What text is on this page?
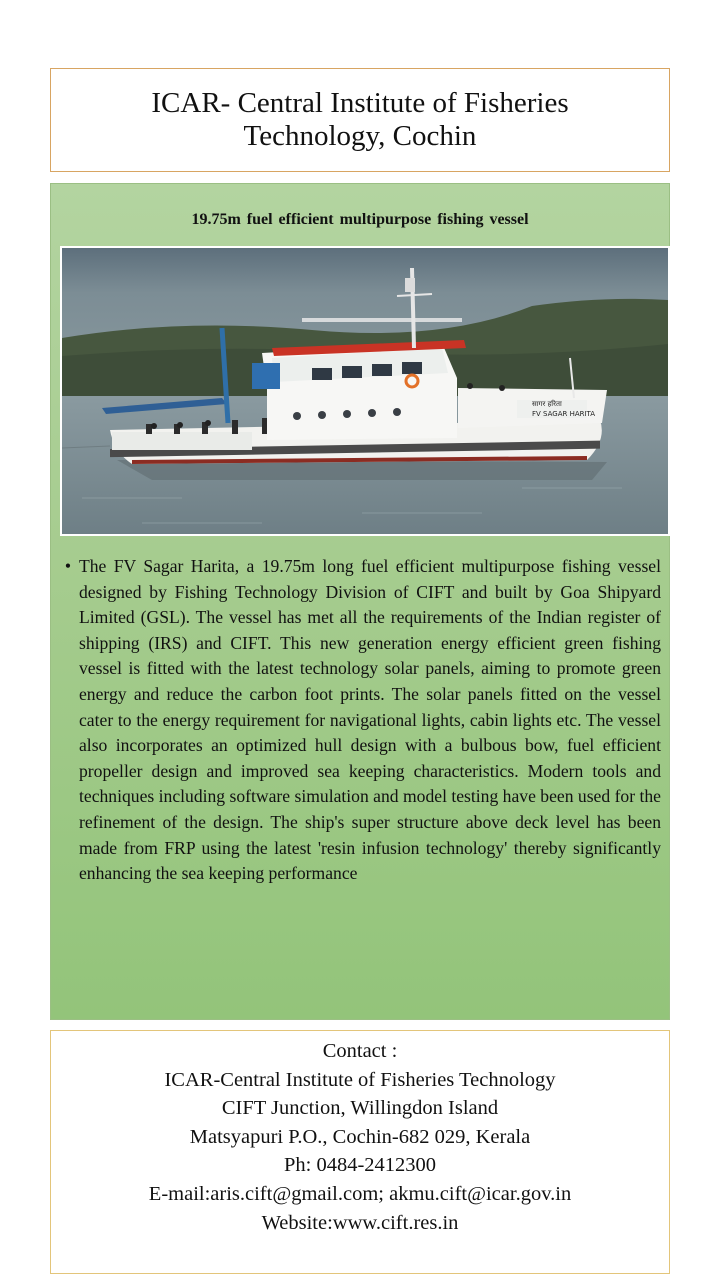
ICAR- Central Institute of Fisheries
Technology, Cochin
19.75m fuel efficient multipurpose fishing vessel
सागर हरिता
FV SAGAR HARITA
• The FV Sagar Harita, a 19.75m long fuel efficient multipurpose fishing vessel designed by Fishing Technology Division of CIFT and built by Goa Shipyard Limited (GSL). The vessel has met all the requirements of the Indian register of shipping (IRS) and CIFT. This new generation energy efficient green fishing vessel is fitted with the latest technology solar panels, aiming to promote green energy and reduce the carbon foot prints. The solar panels fitted on the vessel cater to the energy requirement for navigational lights, cabin lights etc. The vessel also incorporates an optimized hull design with a bulbous bow, fuel efficient propeller design and improved sea keeping characteristics. Modern tools and techniques including software simulation and model testing have been used for the refinement of the design. The ship's super structure above deck level has been made from FRP using the latest 'resin infusion technology' thereby significantly enhancing the sea keeping performance
Contact :
ICAR-Central Institute of Fisheries Technology
CIFT Junction, Willingdon Island
Matsyapuri P.O., Cochin-682 029, Kerala
Ph: 0484-2412300
E-mail:aris.cift@gmail.com; akmu.cift@icar.gov.in
Website:www.cift.res.in
